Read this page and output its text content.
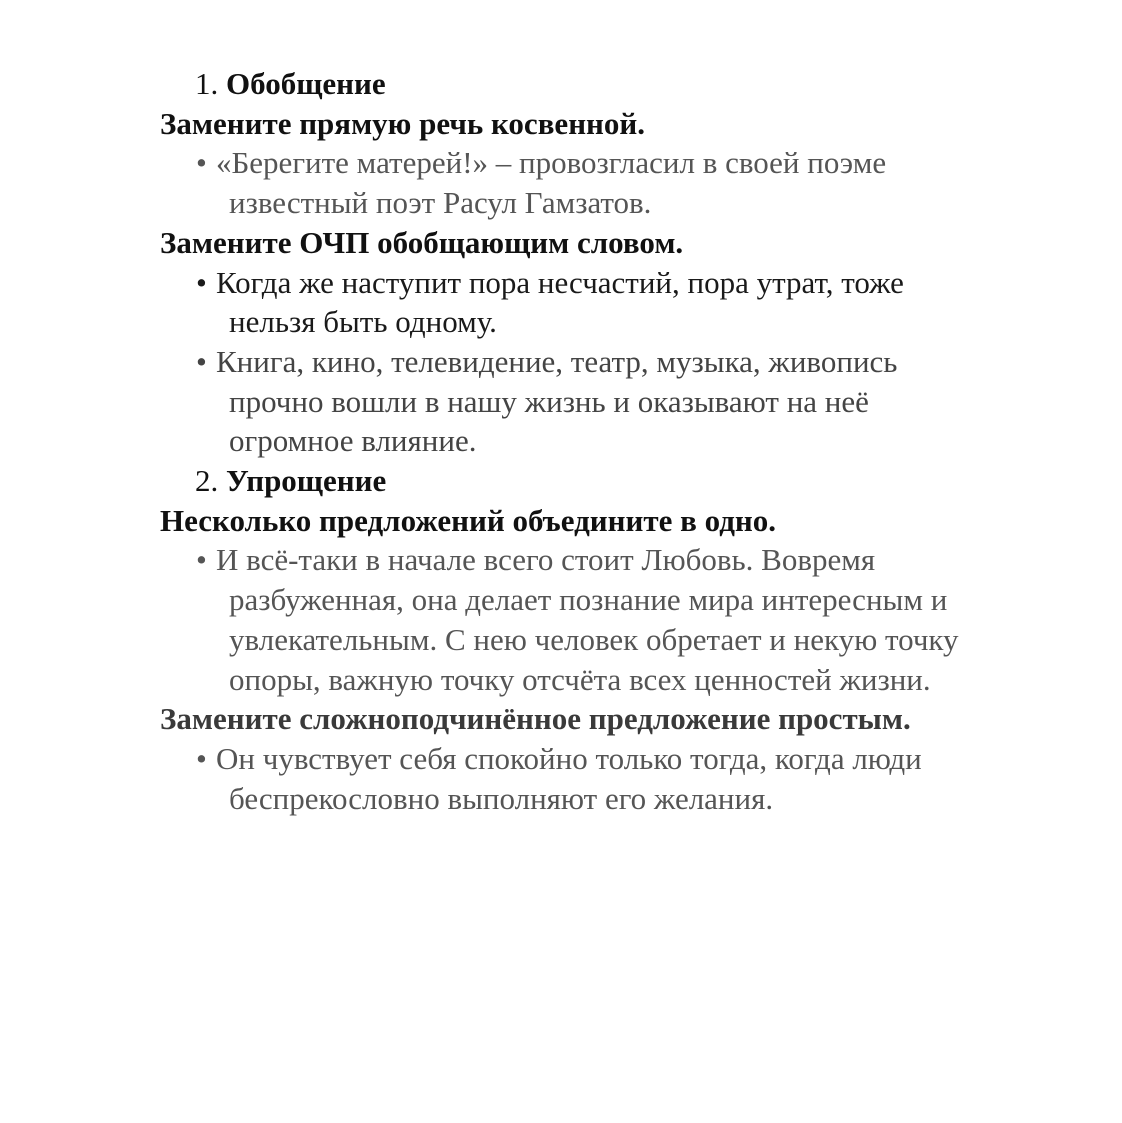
1. Обобщение
Замените прямую речь косвенной.
• «Берегите матерей!» – провозгласил в своей поэме
известный поэт Расул Гамзатов.
Замените ОЧП обобщающим словом.
• Когда же наступит пора несчастий, пора утрат, тоже
нельзя быть одному.
• Книга, кино, телевидение, театр, музыка, живопись
прочно вошли в нашу жизнь и оказывают на неё
огромное влияние.
2. Упрощение
Несколько предложений объедините в одно.
• И всё-таки в начале всего стоит Любовь. Вовремя
разбуженная, она делает познание мира интересным и
увлекательным. С нею человек обретает и некую точку
опоры, важную точку отсчёта всех ценностей жизни.
Замените сложноподчинённое предложение простым.
• Он чувствует себя спокойно только тогда, когда люди
беспрекословно выполняют его желания.
